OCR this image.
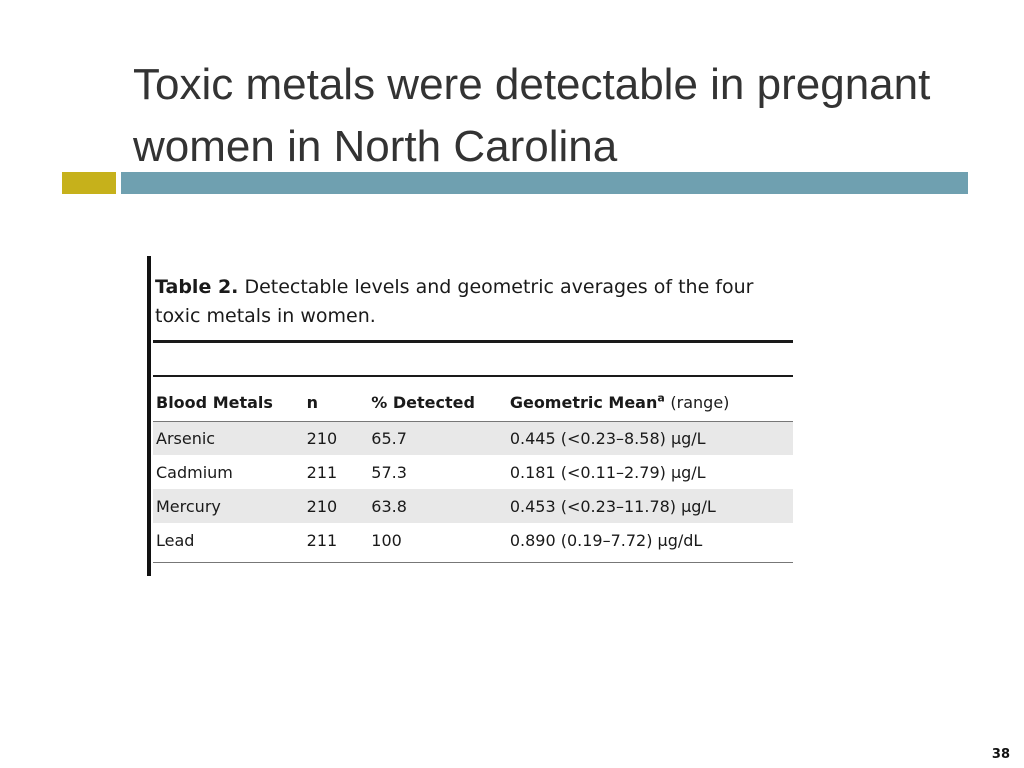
Toxic metals were detectable in pregnant women in North Carolina

Table 2. Detectable levels and geometric averages of the four toxic metals in women.

Blood Metals	n	% Detected	Geometric Mean$^a$ (range)
Arsenic	210	65.7	0.445 (<0.23–8.58) µg/L
Cadmium	211	57.3	0.181 (<0.11–2.79) µg/L
Mercury	210	63.8	0.453 (<0.23–11.78) µg/L
Lead	211	100	0.890 (0.19–7.72) µg/dL
38
